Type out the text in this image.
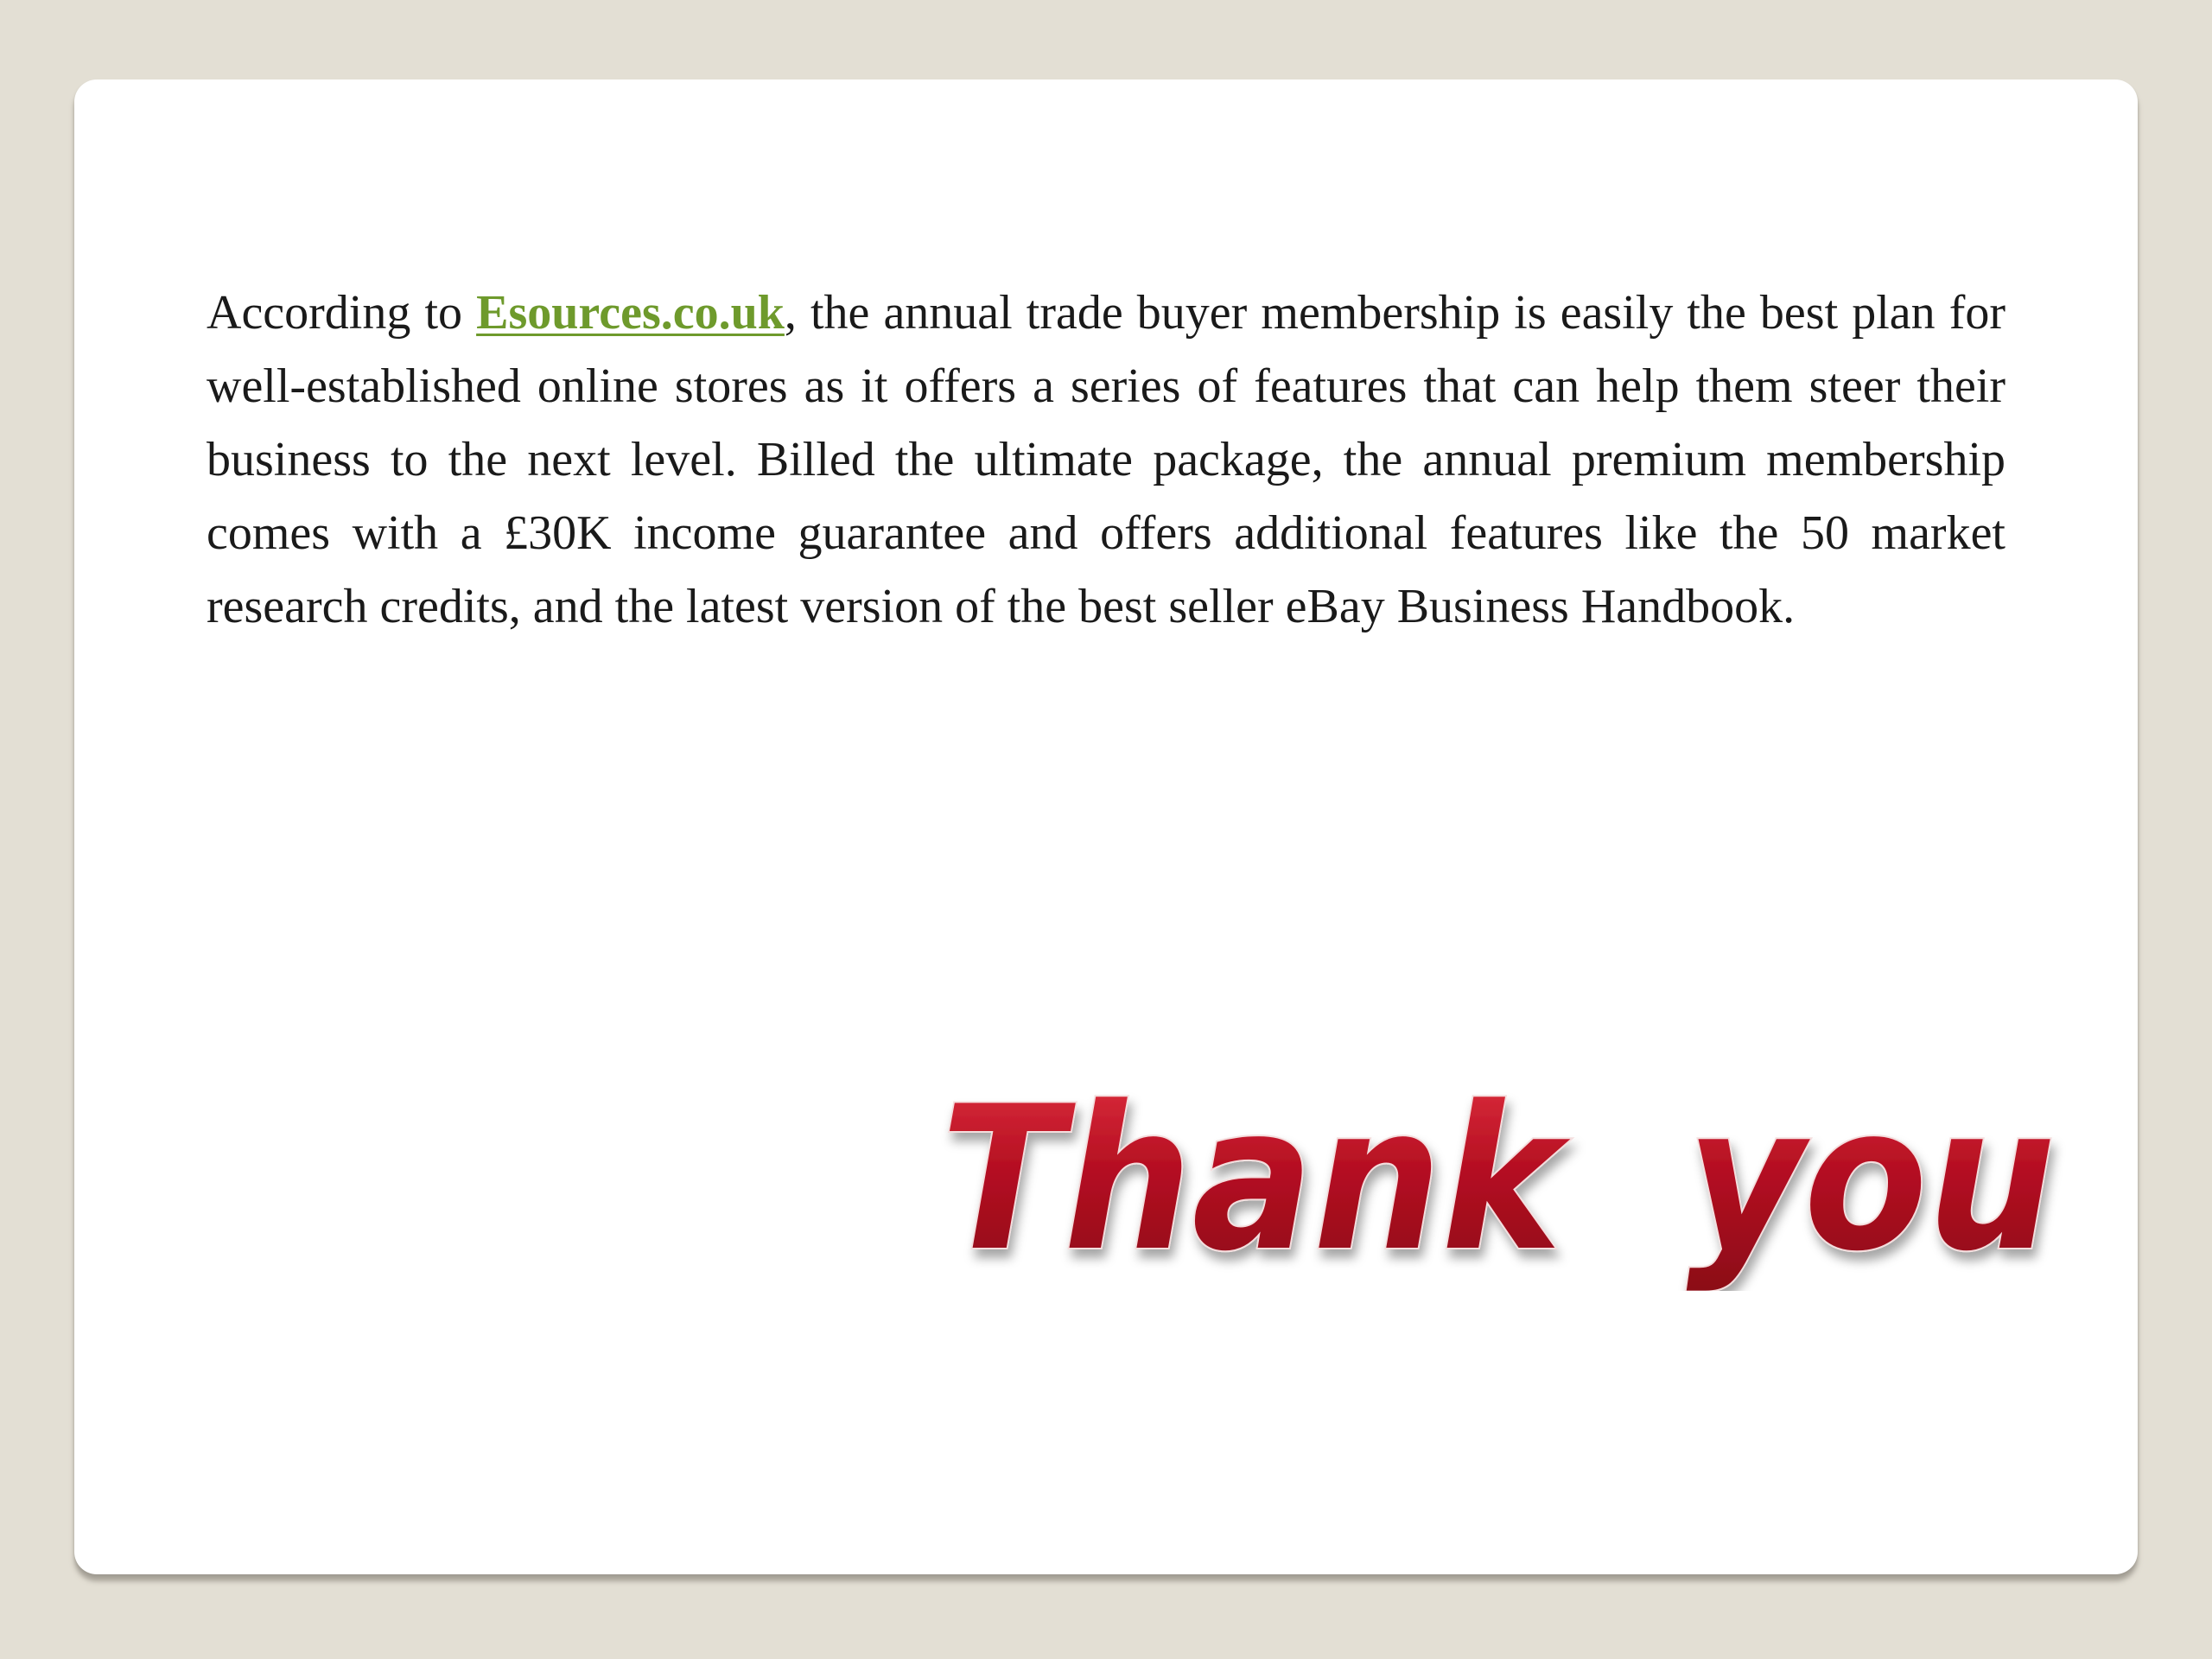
According to Esources.co.uk, the annual trade buyer membership is easily the best plan for well-established online stores as it offers a series of features that can help them steer their business to the next level. Billed the ultimate package, the annual premium membership comes with a £30K income guarantee and offers additional features like the 50 market research credits, and the latest version of the best seller eBay Business Handbook.

Thank  you
